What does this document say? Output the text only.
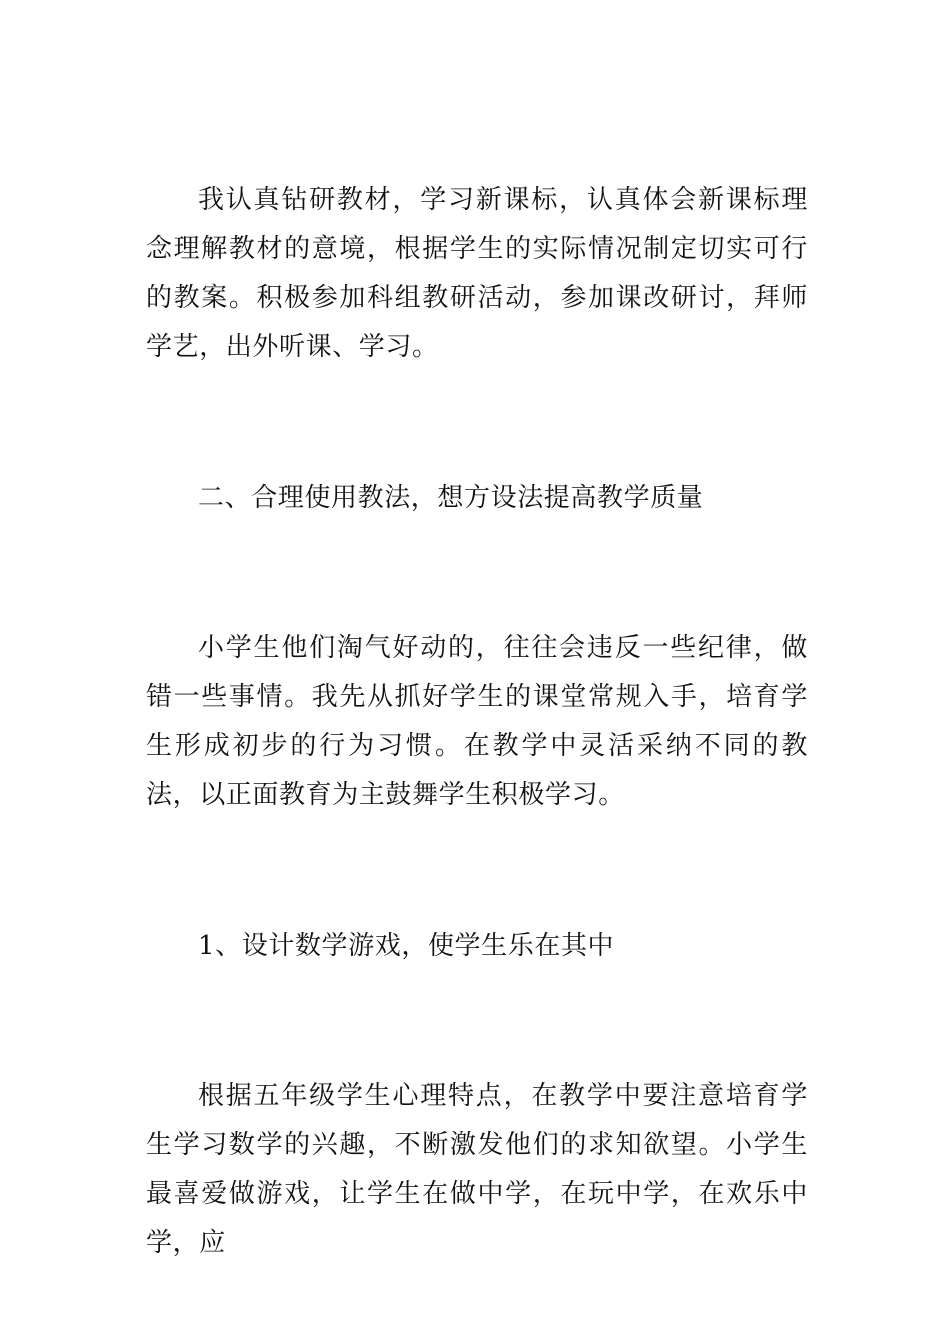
我认真钻研教材，学习新课标，认真体会新课标理念理解教材的意境，根据学生的实际情况制定切实可行的教案。积极参加科组教研活动，参加课改研讨，拜师学艺，出外听课、学习。

二、合理使用教法，想方设法提高教学质量

小学生他们淘气好动的，往往会违反一些纪律，做错一些事情。我先从抓好学生的课堂常规入手，培育学生形成初步的行为习惯。在教学中灵活采纳不同的教法，以正面教育为主鼓舞学生积极学习。

1、设计数学游戏，使学生乐在其中

根据五年级学生心理特点，在教学中要注意培育学生学习数学的兴趣，不断激发他们的求知欲望。小学生最喜爱做游戏，让学生在做中学，在玩中学，在欢乐中学，应
